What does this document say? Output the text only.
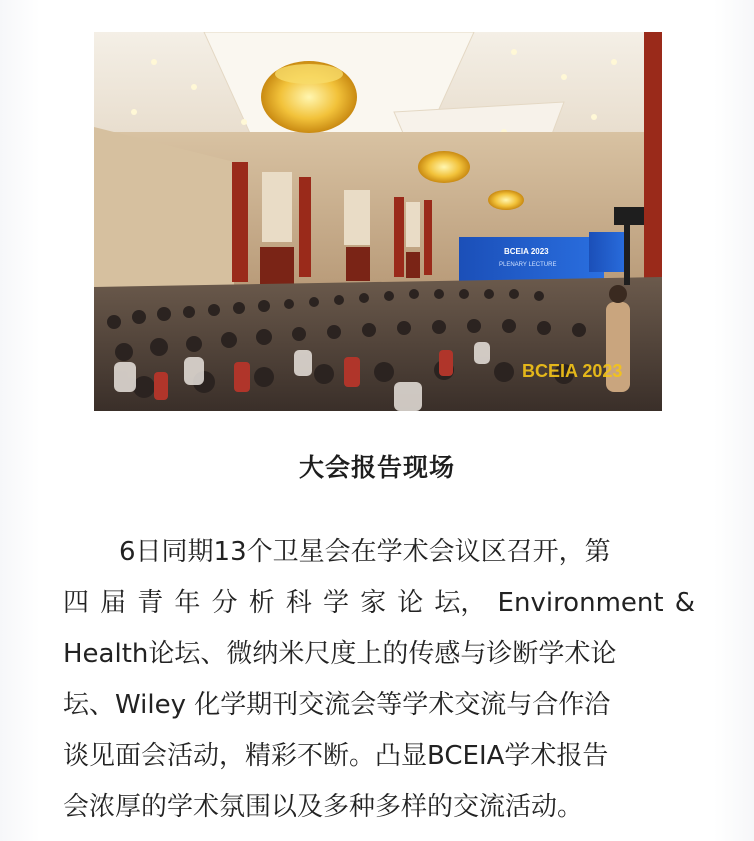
BCEIA 2023
PLENARY LECTURE
BCEIA 2023
大会报告现场
6日同期13个卫星会在学术会议区召开，第
四 届 青 年 分 析 科 学 家 论 坛， Environment &
Health论坛、微纳米尺度上的传感与诊断学术论
坛、Wiley 化学期刊交流会等学术交流与合作洽
谈见面会活动，精彩不断。凸显BCEIA学术报告
会浓厚的学术氛围以及多种多样的交流活动。
